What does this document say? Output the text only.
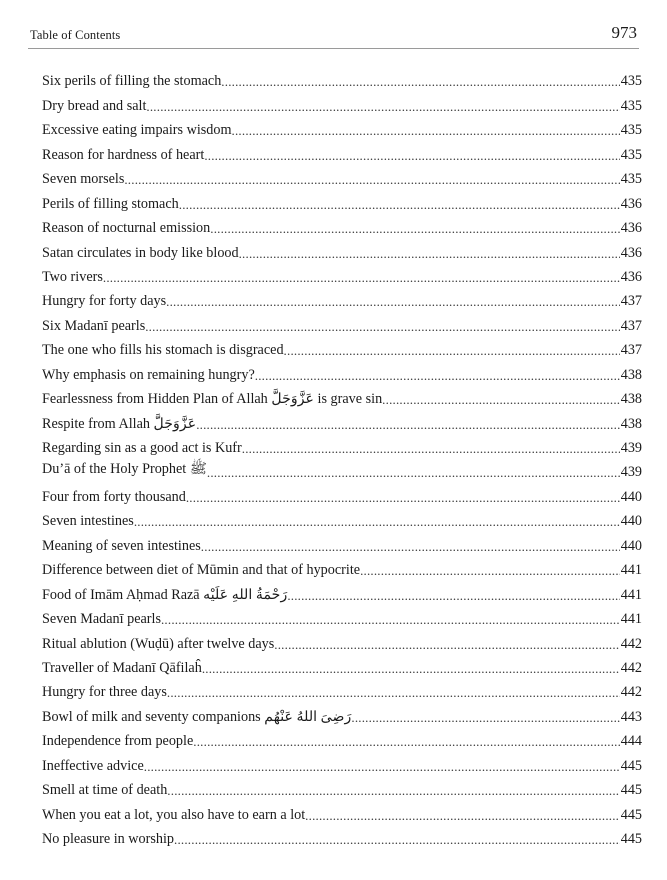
Table of Contents	973
Six perils of filling the stomach .....	435
Dry bread and salt .....	435
Excessive eating impairs wisdom .....	435
Reason for hardness of heart .....	435
Seven morsels .....	435
Perils of filling stomach .....	436
Reason of nocturnal emission .....	436
Satan circulates in body like blood .....	436
Two rivers .....	436
Hungry for forty days .....	437
Six Madanī pearls .....	437
The one who fills his stomach is disgraced .....	437
Why emphasis on remaining hungry? .....	438
Fearlessness from Hidden Plan of Allah عَزَّوَجَلَّ is grave sin .....	438
Respite from Allah عَزَّوَجَلَّ .....	438
Regarding sin as a good act is Kufr .....	439
Du’ā of the Holy Prophet ﷺ .....	439
Four from forty thousand .....	440
Seven intestines .....	440
Meaning of seven intestines .....	440
Difference between diet of Mūmin and that of hypocrite .....	441
Food of Imām Aḥmad Razā رَحْمَةُ اللهِ عَلَيْه .....	441
Seven Madanī pearls .....	441
Ritual ablution (Wuḍū) after twelve days .....	442
Traveller of Madanī Qāfilaĥ .....	442
Hungry for three days .....	442
Bowl of milk and seventy companions رَضِىَ اللهُ عَنْهُم .....	443
Independence from people .....	444
Ineffective advice .....	445
Smell at time of death .....	445
When you eat a lot, you also have to earn a lot .....	445
No pleasure in worship .....	445
